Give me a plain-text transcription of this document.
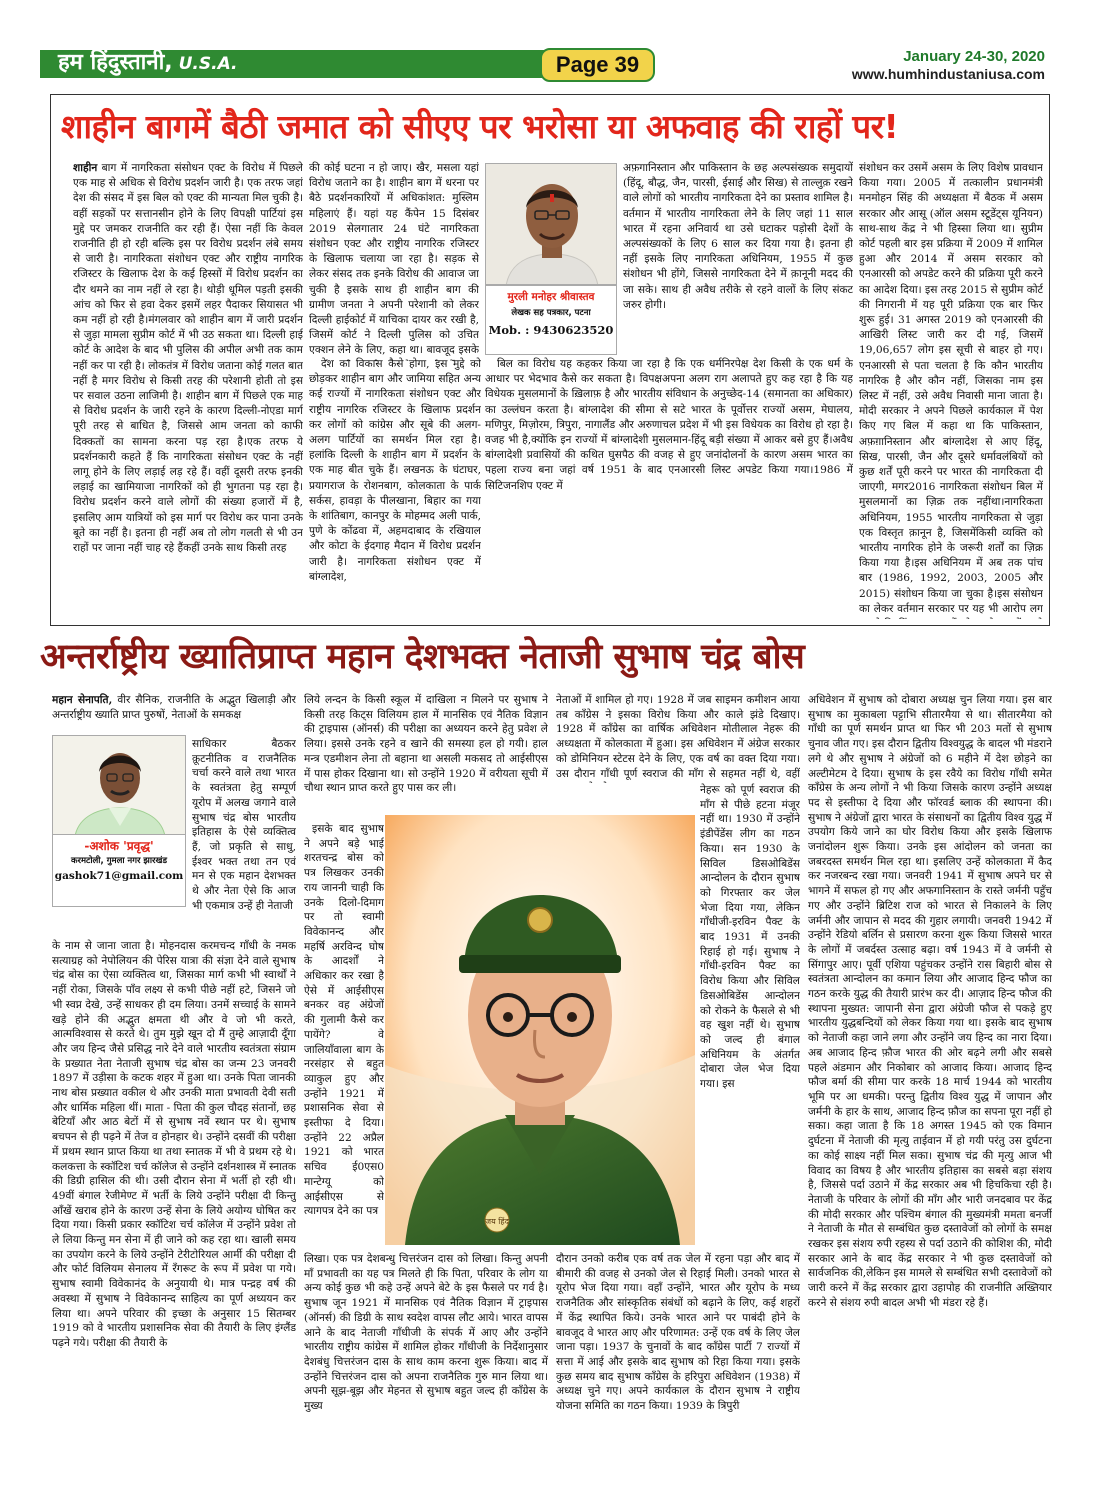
हम हिंदुस्तानी, U.S.A.	Page 39	January 24-30, 2020
www.humhindustaniusa.com
शाहीन बागमें बैठी जमात को सीएए पर भरोसा या अफवाह की राहों पर!
शाहीन बाग में नागरिकता संसोधन एक्ट के विरोध में पिछले एक माह से अधिक से विरोध प्रदर्शन जारी है। एक तरफ जहां देश की संसद में इस बिल को एक्ट की मान्यता मिल चुकी है। वहीं सड़कों पर सत्तानसीन होने के लिए विपक्षी पार्टियां इस मुद्दे पर जमकर राजनीति कर रही हैं। ऐसा नहीं कि केवल राजनीति ही हो रही बल्कि इस पर विरोध प्रदर्शन लंबे समय से जारी है। नागरिकता संशोधन एक्ट और राष्ट्रीय नागरिक रजिस्टर के खिलाफ देश के कई हिस्सों में विरोध प्रदर्शन का दौर थमने का नाम नहीं ले रहा है। थोड़ी धूमिल पड़ती इसकी आंच को फिर से हवा देकर इसमें लहर पैदाकर सियासत भी कम नहीं हो रही है।मंगलवार को शाहीन बाग में जारी प्रदर्शन से जुड़ा मामला सुप्रीम कोर्ट में भी उठ सकता था। दिल्ली हाई कोर्ट के आदेश के बाद भी पुलिस की अपील अभी तक काम नहीं कर पा रही है। लोकतंत्र में विरोध जताना कोई गलत बात नहीं है मगर विरोध से किसी तरह की परेशानी होती तो इस पर सवाल उठना लाजिमी है। शाहीन बाग में पिछले एक माह से विरोध प्रदर्शन के जारी रहने के कारण दिल्ली-नोएडा मार्ग पूरी तरह से बाधित है, जिससे आम जनता को काफी दिक्कतों का सामना करना पड़ रहा है।एक तरफ ये प्रदर्शनकारी कहते हैं कि नागरिकता संसोधन एक्ट के नहीं लागू होने के लिए लड़ाई लड़ रहे हैं। वहीं दूसरी तरफ इनकी लड़ाई का खामियाजा नागरिकों को ही भुगतना पड़ रहा है। विरोध प्रदर्शन करने वाले लोगों की संख्या हजारों में है, इसलिए आम यात्रियों को इस मार्ग पर विरोध कर पाना उनके बूते का नहीं है। इतना ही नहीं अब तो लोग गलती से भी उन राहों पर जाना नहीं चाह रहे हैंकहीं उनके साथ किसी तरह
की कोई घटना न हो जाए। खैर, मसला यहां विरोध जताने का है। शाहीन बाग में धरना पर बैठे प्रदर्शनकारियों में अधिकांशत: मुस्लिम महिलाएं हैं। यहां यह कैंपेन 15 दिसंबर 2019 सेलगातार 24 घंटे नागरिकता संशोधन एक्ट और राष्ट्रीय नागरिक रजिस्टर के खिलाफ चलाया जा रहा है। सड़क से लेकर संसद तक इनके विरोध की आवाज जा चुकी है इसके साथ ही शाहीन बाग की ग्रामीण जनता ने अपनी परेशानी को लेकर दिल्ली हाईकोर्ट में याचिका दायर कर रखी है, जिसमें कोर्ट ने दिल्ली पुलिस को उचित एक्शन लेने के लिए, कहा था। बावजूद इसके
देश का विकास कैसे होगा, इस मुद्दे को छोड़कर शाहीन बाग और जामिया सहित अन्य कई राज्यों में नागरिकता संशोधन एक्ट और राष्ट्रीय नागरिक रजिस्टर के खिलाफ प्रदर्शन कर लोगों को कांग्रेस और सूबे की अलग-अलग पार्टियों का समर्थन मिल रहा है। हलांकि दिल्ली के शाहीन बाग में प्रदर्शन के एक माह बीत चुके हैं। लखनऊ के घंटाघर, प्रयागराज के रोशनबाग, कोलकाता के पार्क सर्कस, हावड़ा के पीलखाना, बिहार का गया के शांतिबाग, कानपुर के मोहम्मद अली पार्क, पुणे के कोंढवा में, अहमदाबाद के रखियाल और कोटा के ईदगाह मैदान में विरोध प्रदर्शन जारी है। नागरिकता संशोधन एक्ट में बांग्लादेश,
मुरली मनोहर श्रीवास्तव
लेखक सह पत्रकार, पटना
Mob. : 9430623520
अफ़गानिस्तान और पाकिस्तान के छह अल्पसंख्यक समुदायों (हिंदू, बौद्ध, जैन, पारसी, ईसाई और सिख) से ताल्लुक़ रखने वाले लोगों को भारतीय नागरिकता देने का प्रस्ताव शामिल है। वर्तमान में भारतीय नागरिकता लेने के लिए जहां 11 साल भारत में रहना अनिवार्य था उसे घटाकर पड़ोसी देशों के अल्पसंख्यकों के लिए 6 साल कर दिया गया है। इतना ही नहीं इसके लिए नागरिकता अधिनियम, 1955 में कुछ संशोधन भी होंगे, जिससे नागरिकता देने में क़ानूनी मदद की जा सके। साथ ही अवैध तरीके से रहने वालों के लिए संकट जरुर होगी।
बिल का विरोध यह कहकर किया जा रहा है कि एक धर्मनिरपेक्ष देश किसी के एक धर्म के आधार पर भेदभाव कैसे कर सकता है। विपक्षअपना अलग राग अलापते हुए कह रहा है कि यह विधेयक मुसलमानों के ख़िलाफ़ है और भारतीय संविधान के अनुच्छेद-14 (समानता का अधिकार) का उल्लंघन करता है। बांग्लादेश की सीमा से सटे भारत के पूर्वोत्तर राज्यों असम, मेघालय, मणिपुर, मिज़ोरम, त्रिपुरा, नागालैंड और अरुणाचल प्रदेश में भी इस विधेयक का विरोध हो रहा है। वजह भी है,क्योंकि इन राज्यों में बांग्लादेशी मुसलमान-हिंदू बड़ी संख्या में आकर बसे हुए हैं।अवैध बांग्लादेशी प्रवासियों की कथित घुसपैठ की वजह से हुए जनांदोलनों के कारण असम भारत का पहला राज्य बना जहां वर्ष 1951 के बाद एनआरसी लिस्ट अपडेट किया गया।1986 में सिटिजनशिप एक्ट में
संशोधन कर उसमें असम के लिए विशेष प्रावधान किया गया। 2005 में तत्कालीन प्रधानमंत्री मनमोहन सिंह की अध्यक्षता में बैठक में असम सरकार और आसू (ऑल असम स्टूडेंट्स यूनियन) साथ-साथ केंद्र ने भी हिस्सा लिया था। सुप्रीम कोर्ट पहली बार इस प्रक्रिया में 2009 में शामिल हुआ और 2014 में असम सरकार को एनआरसी को अपडेट करने की प्रक्रिया पूरी करने का आदेश दिया। इस तरह 2015 से सुप्रीम कोर्ट की निगरानी में यह पूरी प्रक्रिया एक बार फिर शुरू हुई। 31 अगस्त 2019 को एनआरसी की आखिरी लिस्ट जारी कर दी गई, जिसमें 19,06,657 लोग इस सूची से बाहर हो गए।एनआरसी से पता चलता है कि कौन भारतीय नागरिक है और कौन नहीं, जिसका नाम इस लिस्ट में नहीं, उसे अवैध निवासी माना जाता है। मोदी सरकार ने अपने पिछले कार्यकाल में पेश किए गए बिल में कहा था कि पाकिस्तान, अफ़ग़ानिस्तान और बांग्लादेश से आए हिंदू, सिख, पारसी, जैन और दूसरे धर्मावलंबियों को कुछ शर्तें पूरी करने पर भारत की नागरिकता दी जाएगी, मगर2016 नागरिकता संशोधन बिल में मुसलमानों का ज़िक्र तक नहींथा।नागरिकता अधिनियम, 1955 भारतीय नागरिकता से जुड़ा एक विस्तृत क़ानून है, जिसमेंकिसी व्यक्ति को भारतीय नागरिक होने के जरूरी शर्तों का ज़िक्र किया गया है।इस अधिनियम में अब तक पांच बार (1986, 1992, 2003, 2005 और 2015) संशोधन किया जा चुका है।इस संसोधन का लेकर वर्तमान सरकार पर यह भी आरोप लग
अन्तर्राष्ट्रीय ख्यातिप्राप्त महान देशभक्त नेताजी सुभाष चंद्र बोस
महान सेनापति, वीर सैनिक, राजनीति के अद्भुत खिलाड़ी और अन्तर्राष्ट्रीय ख्याति प्राप्त पुरुषों, नेताओं के समकक्ष
-अशोक 'प्रवृद्ध'
करमटोली, गुमला नगर झारखंड
gashok71@gmail.com
साधिकार बैठकर क़ूटनीतिक व राजनैतिक चर्चा करने वाले तथा भारत के स्वतंत्रता हेतु सम्पूर्ण यूरोप में अलख जगाने वाले सुभाष चंद्र बोस भारतीय इतिहास के ऐसे व्यक्तित्व हैं, जो प्रकृति से साधु, ईश्वर भक्त तथा तन एवं मन से एक महान देशभक्त थे और नेता ऐसे कि आज भी एकमात्र उन्हें ही नेताजी
के नाम से जाना जाता है। मोहनदास करमचन्द गाँधी के नमक सत्याग्रह को नेपोलियन की पेरिस यात्रा की संज्ञा देने वाले सुभाष चंद्र बोस का ऐसा व्यक्तित्व था, जिसका मार्ग कभी भी स्वार्थों ने नहीं रोका, जिसके पाँव लक्ष्य से कभी पीछे नहीं हटे, जिसने जो भी स्वप्न देखे, उन्हें साधकर ही दम लिया। उनमें सच्चाई के सामने खड़े होने की अद्भुत क्षमता थी और वे जो भी करते, आत्मविश्वास से करते थे। तुम मुझे खून दो मैं तुम्हे आज़ादी दूँगा और जय हिन्द जैसे प्रसिद्ध नारे देने वाले भारतीय स्वतंत्रता संग्राम के प्रख्यात नेता नेताजी सुभाष चंद्र बोस का जन्म 23 जनवरी 1897 में उड़ीसा के कटक शहर में हुआ था। उनके पिता जानकी नाथ बोस प्रख्यात वकील थे और उनकी माता प्रभावती देवी सती और धार्मिक महिला थीं। माता - पिता की कुल चौदह संतानों, छह बेटियाँ और आठ बेटों में से सुभाष नवें स्थान पर थे। सुभाष बचपन से ही पढ़ने में तेज व होनहार थे। उन्होंने दसवीं की परीक्षा में प्रथम स्थान प्राप्त किया था तथा स्नातक में भी वे प्रथम रहे थे। कलकत्ता के स्कॉटिश चर्च कॉलेज से उन्होंने दर्शनशास्त्र में स्नातक की डिग्री हासिल की थी। उसी दौरान सेना में भर्ती हो रही थी।49वीं बंगाल रेजीमेण्ट में भर्ती के लिये उन्होंने परीक्षा दी किन्तु आँखें खराब होने के कारण उन्हें सेना के लिये अयोग्य घोषित कर दिया गया। किसी प्रकार स्कॉटिश चर्च कॉलेज में उन्होंने प्रवेश तो ले लिया किन्तु मन सेना में ही जाने को कह रहा था। खाली समय का उपयोग करने के लिये उन्होंने टेरीटोरियल आर्मी की परीक्षा दी और फोर्ट विलियम सेनालय में रँगरूट के रूप में प्रवेश पा गये। सुभाष स्वामी विवेकानंद के अनुयायी थे। मात्र पन्द्रह वर्ष की अवस्था में सुभाष ने विवेकानन्द साहित्य का पूर्ण अध्ययन कर लिया था। अपने परिवार की इच्छा के अनुसार 15 सितम्बर 1919 को वे भारतीय प्रशासनिक सेवा की तैयारी के लिए इंग्लैंड पढ़ने गये। परीक्षा की तैयारी के
लिये लन्दन के किसी स्कूल में दाखिला न मिलने पर सुभाष ने किसी तरह किट्स विलियम हाल में मानसिक एवं नैतिक विज्ञान की ट्राइपास (ऑनर्स) की परीक्षा का अध्ययन करने हेतु प्रवेश ले लिया। इससे उनके रहने व खाने की समस्या हल हो गयी। हाल मन्त्र एडमीशन लेना तो बहाना था असली मकसद तो आईसीएस में पास होकर दिखाना था। सो उन्होंने 1920 में वरीयता सूची में चौथा स्थान प्राप्त करते हुए पास कर ली।
इसके बाद सुभाष ने अपने बड़े भाई शरतचन्द्र बोस को पत्र लिखकर उनकी राय जाननी चाही कि उनके दिलो-दिमाग पर तो स्वामी विवेकानन्द और महर्षि अरविन्द घोष के आदर्शों ने अधिकार कर रखा है ऐसे में आईसीएस बनकर वह अंग्रेजों की गुलामी कैसे कर पायेंगे? वे जालियाँवाला बाग के नरसंहार से बहुत व्याकुल हुए और उन्होंने 1921 में प्रशासनिक सेवा से इस्तीफा दे दिया। उन्होंने 22 अप्रैल 1921 को भारत सचिव ई0एस0 मान्टेग्यू को आईसीएस से त्यागपत्र देने का पत्र
लिखा। एक पत्र देशबन्धु चित्तरंजन दास को लिखा। किन्तु अपनी माँ प्रभावती का यह पत्र मिलते ही कि पिता, परिवार के लोग या अन्य कोई कुछ भी कहे उन्हें अपने बेटे के इस फैसले पर गर्व है। सुभाष जून 1921 में मानसिक एवं नैतिक विज्ञान में ट्राइपास (ऑनर्स) की डिग्री के साथ स्वदेश वापस लौट आये। भारत वापस आने के बाद नेताजी गाँधीजी के संपर्क में आए और उन्होंने भारतीय राष्ट्रीय कांग्रेस में शामिल होकर गाँधीजी के निर्देशानुसार देशबंधु चित्तरंजन दास के साथ काम करना शुरू किया। बाद में उन्होंने चित्तरंजन दास को अपना राजनैतिक गुरु मान लिया था। अपनी सूझ-बूझ और मेहनत से सुभाष बहुत जल्द ही कॉंग्रेस के मुख्य
नेताओं में शामिल हो गए। 1928 में जब साइमन कमीशन आया तब कॉंग्रेस ने इसका विरोध किया और काले झंडे दिखाए। 1928 में कॉंग्रेस का वार्षिक अधिवेशन मोतीलाल नेहरू की अध्यक्षता में कोलकाता में हुआ। इस अधिवेशन में अंग्रेज सरकार को डोमिनियन स्टेटस देने के लिए, एक वर्ष का वक्त दिया गया। उस दौरान गाँधी पूर्ण स्वराज की माँग से सहमत नहीं थे, वहीं
नेहरू को पूर्ण स्वराज की माँग से पीछे हटना मंजूर नहीं था। 1930 में उन्होंने इंडीपेंडेंस लीग का गठन किया। सन 1930 के सिविल डिसओबिडेंस आन्दोलन के दौरान सुभाष को गिरफ्तार कर जेल भेजा दिया गया, लेकिन गाँधीजी-इरविन पैक्ट के बाद 1931 में उनकी रिहाई हो गई। सुभाष ने गाँधी-इरविन पैक्ट का विरोध किया और सिविल डिसओबिडेंस आन्दोलन को रोकने के फैसले से भी वह खुश नहीं थे। सुभाष को जल्द ही बंगाल अधिनियम के अंतर्गत दोबारा जेल भेज दिया गया। इस
दौरान उनको करीब एक वर्ष तक जेल में रहना पड़ा और बाद में बीमारी की वजह से उनको जेल से रिहाई मिली। उनको भारत से यूरोप भेज दिया गया। वहाँ उन्होंने, भारत और यूरोप के मध्य राजनैतिक और सांस्कृतिक संबंधों को बढ़ाने के लिए, कई शहरों में केंद्र स्थापित किये। उनके भारत आने पर पाबंदी होने के बावजूद वे भारत आए और परिणामत: उन्हें एक वर्ष के लिए जेल जाना पड़ा। 1937 के चुनावों के बाद कॉंग्रेस पार्टी 7 राज्यों में सत्ता में आई और इसके बाद सुभाष को रिहा किया गया। इसके कुछ समय बाद सुभाष कॉंग्रेस के हरिपुरा अधिवेशन (1938) में अध्यक्ष चुने गए। अपने कार्यकाल के दौरान सुभाष ने राष्ट्रीय योजना समिति का गठन किया। 1939 के त्रिपुरी
अधिवेशन में सुभाष को दोबारा अध्यक्ष चुन लिया गया। इस बार सुभाष का मुकाबला पट्टाभि सीतारमैया से था। सीतारमैया को गाँधी का पूर्ण समर्थन प्राप्त था फिर भी 203 मतों से सुभाष चुनाव जीत गए। इस दौरान द्वितीय विश्वयुद्ध के बादल भी मंडराने लगे थे और सुभाष ने अंग्रेजों को 6 महीने में देश छोड़ने का अल्टीमेटम दे दिया। सुभाष के इस रवैये का विरोध गाँधी समेत कॉंग्रेस के अन्य लोगों ने भी किया जिसके कारण उन्होंने अध्यक्ष पद से इस्तीफा दे दिया और फॉरवर्ड ब्लाक की स्थापना की। सुभाष ने अंग्रेजों द्वारा भारत के संसाधनों का द्वितीय विश्व युद्ध में उपयोग किये जाने का घोर विरोध किया और इसके खिलाफ जनांदोलन शुरू किया। उनके इस आंदोलन को जनता का जबरदस्त समर्थन मिल रहा था। इसलिए उन्हें कोलकाता में कैद कर नजरबन्द रखा गया। जनवरी 1941 में सुभाष अपने घर से भागने में सफल हो गए और अफगानिस्तान के रास्ते जर्मनी पहुँच गए और उन्होंने ब्रिटिश राज को भारत से निकालने के लिए जर्मनी और जापान से मदद की गुहार लगायी। जनवरी 1942 में उन्होंने रेडियो बर्लिन से प्रसारण करना शुरू किया जिससे भारत के लोगों में जबर्दस्त उत्साह बढ़ा। वर्ष 1943 में वे जर्मनी से सिंगापुर आए। पूर्वी एशिया पहुंचकर उन्होंने रास बिहारी बोस से स्वतंत्रता आन्दोलन का कमान लिया और आजाद हिन्द फौज का गठन करके युद्ध की तैयारी प्रारंभ कर दी। आज़ाद हिन्द फौज की स्थापना मुख्यत: जापानी सेना द्वारा अंग्रेजी फौज से पकड़े हुए भारतीय युद्धबन्दियों को लेकर किया गया था। इसके बाद सुभाष को नेताजी कहा जाने लगा और उन्होंने जय हिन्द का नारा दिया। अब आजाद हिन्द फ़ौज भारत की ओर बढ़ने लगी और सबसे पहले अंडमान और निकोबार को आजाद किया। आजाद हिन्द फौज बर्मा की सीमा पार करके 18 मार्च 1944 को भारतीय भूमि पर आ धमकी। परन्तु द्वितीय विश्व युद्ध में जापान और जर्मनी के हार के साथ, आजाद हिन्द फ़ौज का सपना पूरा नहीं हो सका। कहा जाता है कि 18 अगस्त 1945 को एक विमान दुर्घटना में नेताजी की मृत्यु ताईवान में हो गयी परंतु उस दुर्घटना का कोई साक्ष्य नहीं मिल सका। सुभाष चंद्र की मृत्यु आज भी विवाद का विषय है और भारतीय इतिहास का सबसे बड़ा संशय है, जिससे पर्दा उठाने में केंद्र सरकार अब भी हिचकिचा रही है। नेताजी के परिवार के लोगों की माँग और भारी जनदबाव पर केंद्र की मोदी सरकार और पश्चिम बंगाल की मुख्यमंत्री ममता बनर्जी ने नेताजी के मौत से सम्बंधित कुछ दस्तावेजों को लोगों के समक्ष रखकर इस संशय रुपी रहस्य से पर्दा उठाने की कोशिश की, मोदी सरकार आने के बाद केंद्र सरकार ने भी कुछ दस्तावेजों को सार्वजनिक की,लेकिन इस मामले से सम्बंधित सभी दस्तावेजों को जारी करने में केंद्र सरकार द्वारा उहापोह की राजनीति अख्तियार करने से संशय रुपी बादल अभी भी मंडरा रहे हैं।
जय हिंद
